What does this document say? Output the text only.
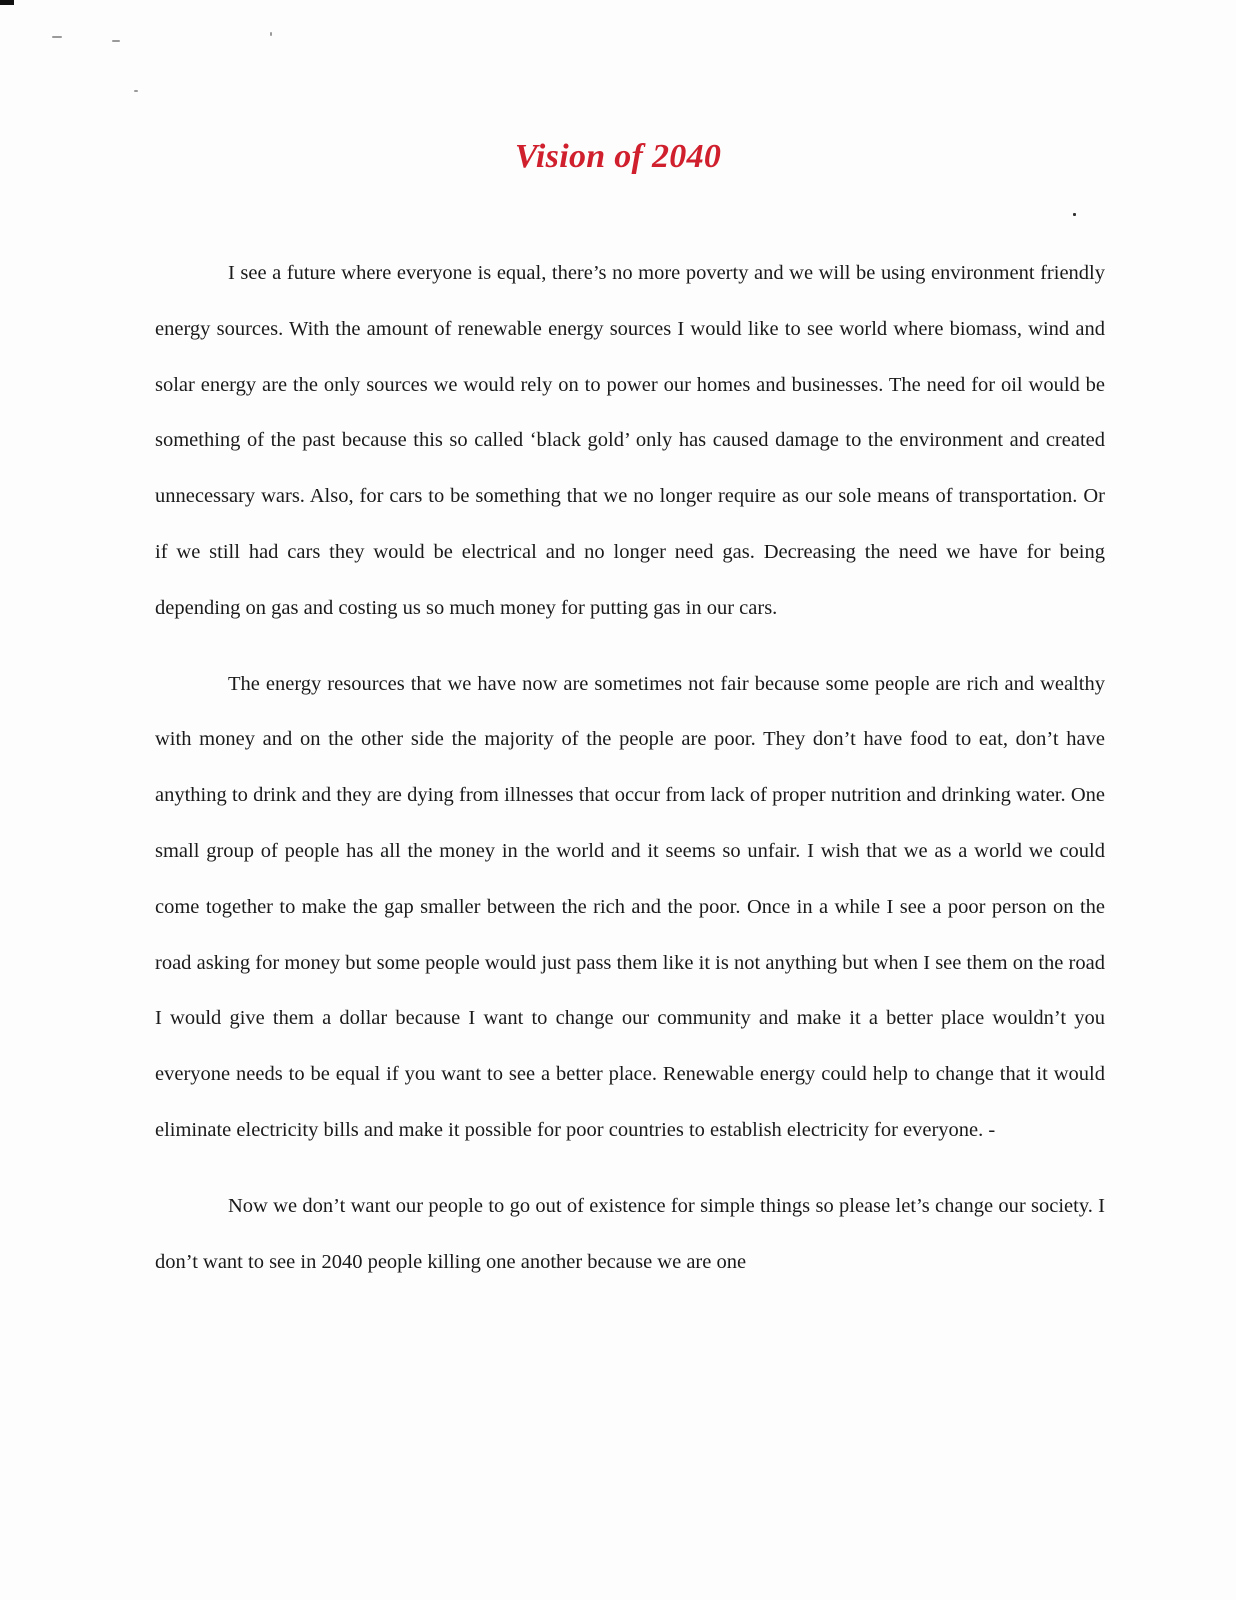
Vision of 2040

I see a future where everyone is equal, there’s no more poverty and we will be using environment friendly energy sources. With the amount of renewable energy sources I would like to see world where biomass, wind and solar energy are the only sources we would rely on to power our homes and businesses. The need for oil would be something of the past because this so called ‘black gold’ only has caused damage to the environment and created unnecessary wars. Also, for cars to be something that we no longer require as our sole means of transportation. Or if we still had cars they would be electrical and no longer need gas. Decreasing the need we have for being depending on gas and costing us so much money for putting gas in our cars.

The energy resources that we have now are sometimes not fair because some people are rich and wealthy with money and on the other side the majority of the people are poor. They don’t have food to eat, don’t have anything to drink and they are dying from illnesses that occur from lack of proper nutrition and drinking water. One small group of people has all the money in the world and it seems so unfair. I wish that we as a world we could come together to make the gap smaller between the rich and the poor. Once in a while I see a poor person on the road asking for money but some people would just pass them like it is not anything but when I see them on the road I would give them a dollar because I want to change our community and make it a better place wouldn’t you everyone needs to be equal if you want to see a better place. Renewable energy could help to change that it would eliminate electricity bills and make it possible for poor countries to establish electricity for everyone. -

Now we don’t want our people to go out of existence for simple things so please let’s change our society. I don’t want to see in 2040 people killing one another because we are one
